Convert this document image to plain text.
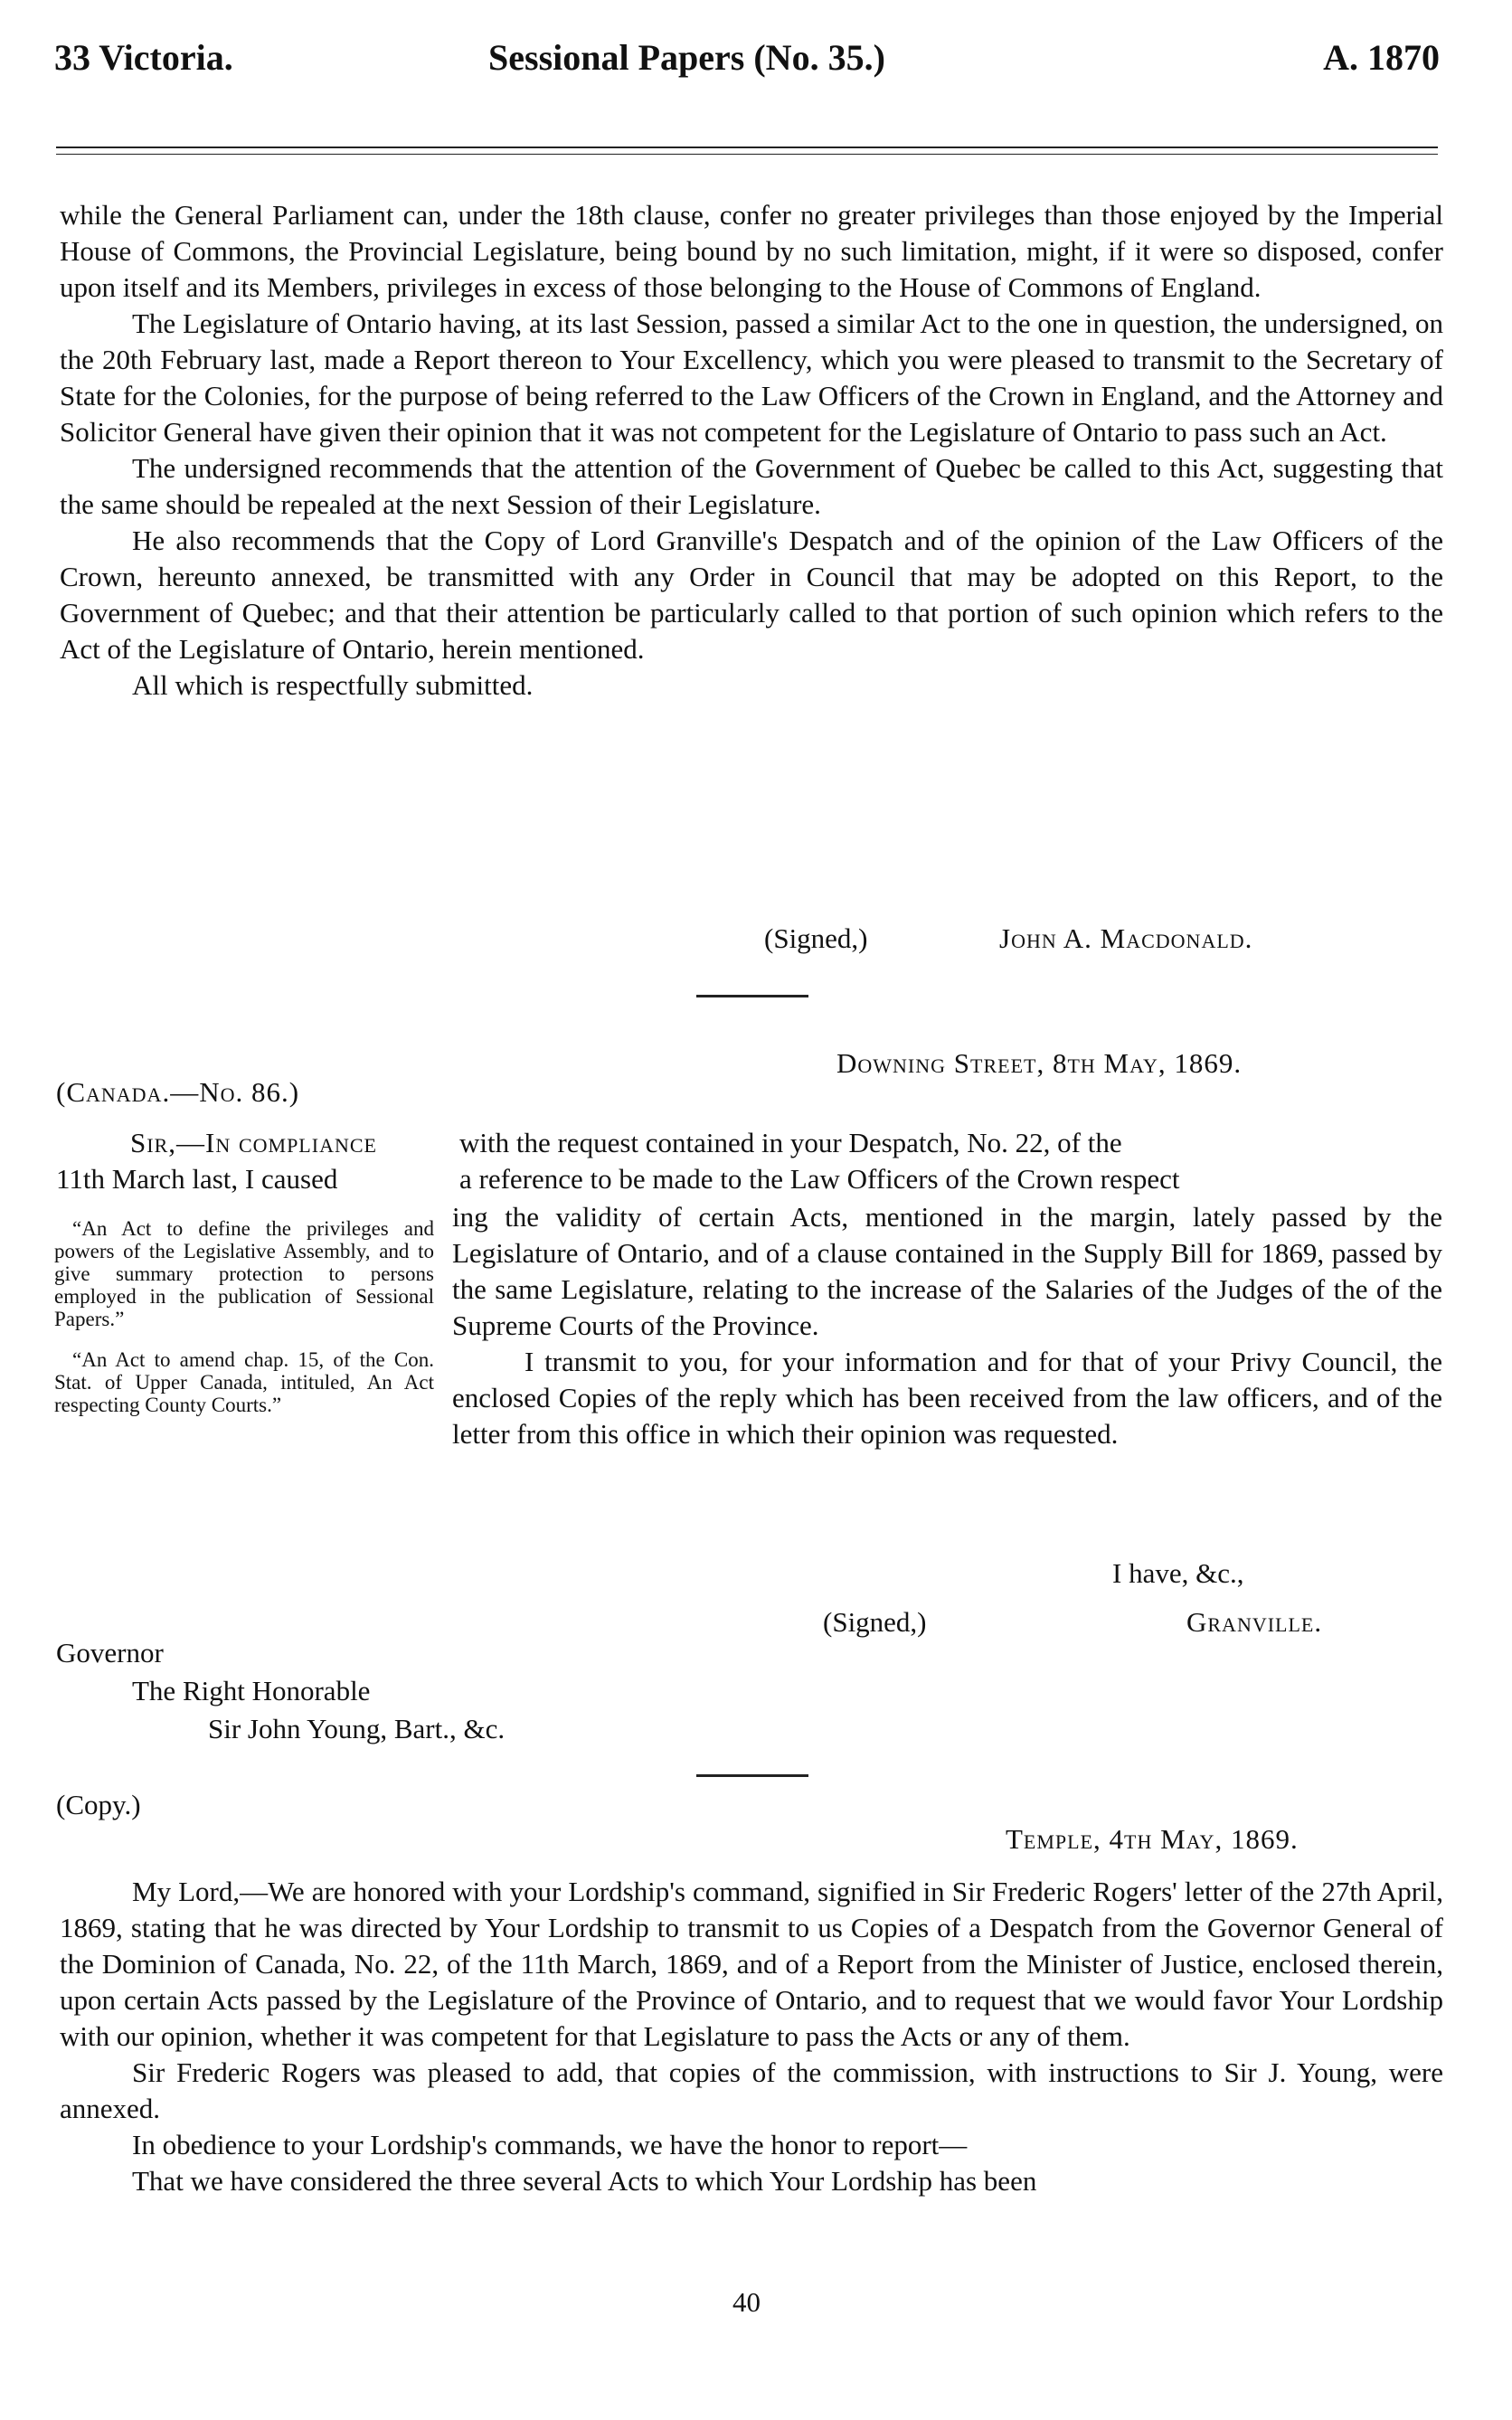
33 Victoria.	Sessional Papers (No. 35.)	A. 1870

while the General Parliament can, under the 18th clause, confer no greater privileges than those enjoyed by the Imperial House of Commons, the Provincial Legislature, being bound by no such limitation, might, if it were so disposed, confer upon itself and its Members, privileges in excess of those belonging to the House of Commons of England.

The Legislature of Ontario having, at its last Session, passed a similar Act to the one in question, the undersigned, on the 20th February last, made a Report thereon to Your Excellency, which you were pleased to transmit to the Secretary of State for the Colonies, for the purpose of being referred to the Law Officers of the Crown in England, and the Attorney and Solicitor General have given their opinion that it was not competent for the Legislature of Ontario to pass such an Act.

The undersigned recommends that the attention of the Government of Quebec be called to this Act, suggesting that the same should be repealed at the next Session of their Legislature.

He also recommends that the Copy of Lord Granville's Despatch and of the opinion of the Law Officers of the Crown, hereunto annexed, be transmitted with any Order in Council that may be adopted on this Report, to the Government of Quebec; and that their attention be particularly called to that portion of such opinion which refers to the Act of the Legislature of Ontario, herein mentioned.

All which is respectfully submitted.

(Signed,)	John A. Macdonald.
Downing Street, 8th May, 1869.
(Canada.—No. 86.)
Sir,—In compliance	with the request contained in your Despatch, No. 22, of the
11th March last, I caused	a reference to be made to the Law Officers of the Crown respect

“An Act to define the privileges and powers of the Legislative Assembly, and to give summary protection to persons employed in the publication of Sessional Papers.”

“An Act to amend chap. 15, of the Con. Stat. of Upper Canada, intituled, An Act respecting County Courts.”

ing the validity of certain Acts, mentioned in the margin, lately passed by the Legislature of Ontario, and of a clause contained in the Supply Bill for 1869, passed by the same Legislature, relating to the increase of the Salaries of the Judges of the of the Supreme Courts of the Province.

I transmit to you, for your information and for that of your Privy Council, the enclosed Copies of the reply which has been received from the law officers, and of the letter from this office in which their opinion was requested.

I have, &c.,
(Signed,)	Granville.
Governor
The Right Honorable
Sir John Young, Bart., &c.
(Copy.)
Temple, 4th May, 1869.

My Lord,—We are honored with your Lordship's command, signified in Sir Frederic Rogers' letter of the 27th April, 1869, stating that he was directed by Your Lordship to transmit to us Copies of a Despatch from the Governor General of the Dominion of Canada, No. 22, of the 11th March, 1869, and of a Report from the Minister of Justice, enclosed therein, upon certain Acts passed by the Legislature of the Province of Ontario, and to request that we would favor Your Lordship with our opinion, whether it was competent for that Legislature to pass the Acts or any of them.

Sir Frederic Rogers was pleased to add, that copies of the commission, with instructions to Sir J. Young, were annexed.

In obedience to your Lordship's commands, we have the honor to report—

That we have considered the three several Acts to which Your Lordship has been

40
